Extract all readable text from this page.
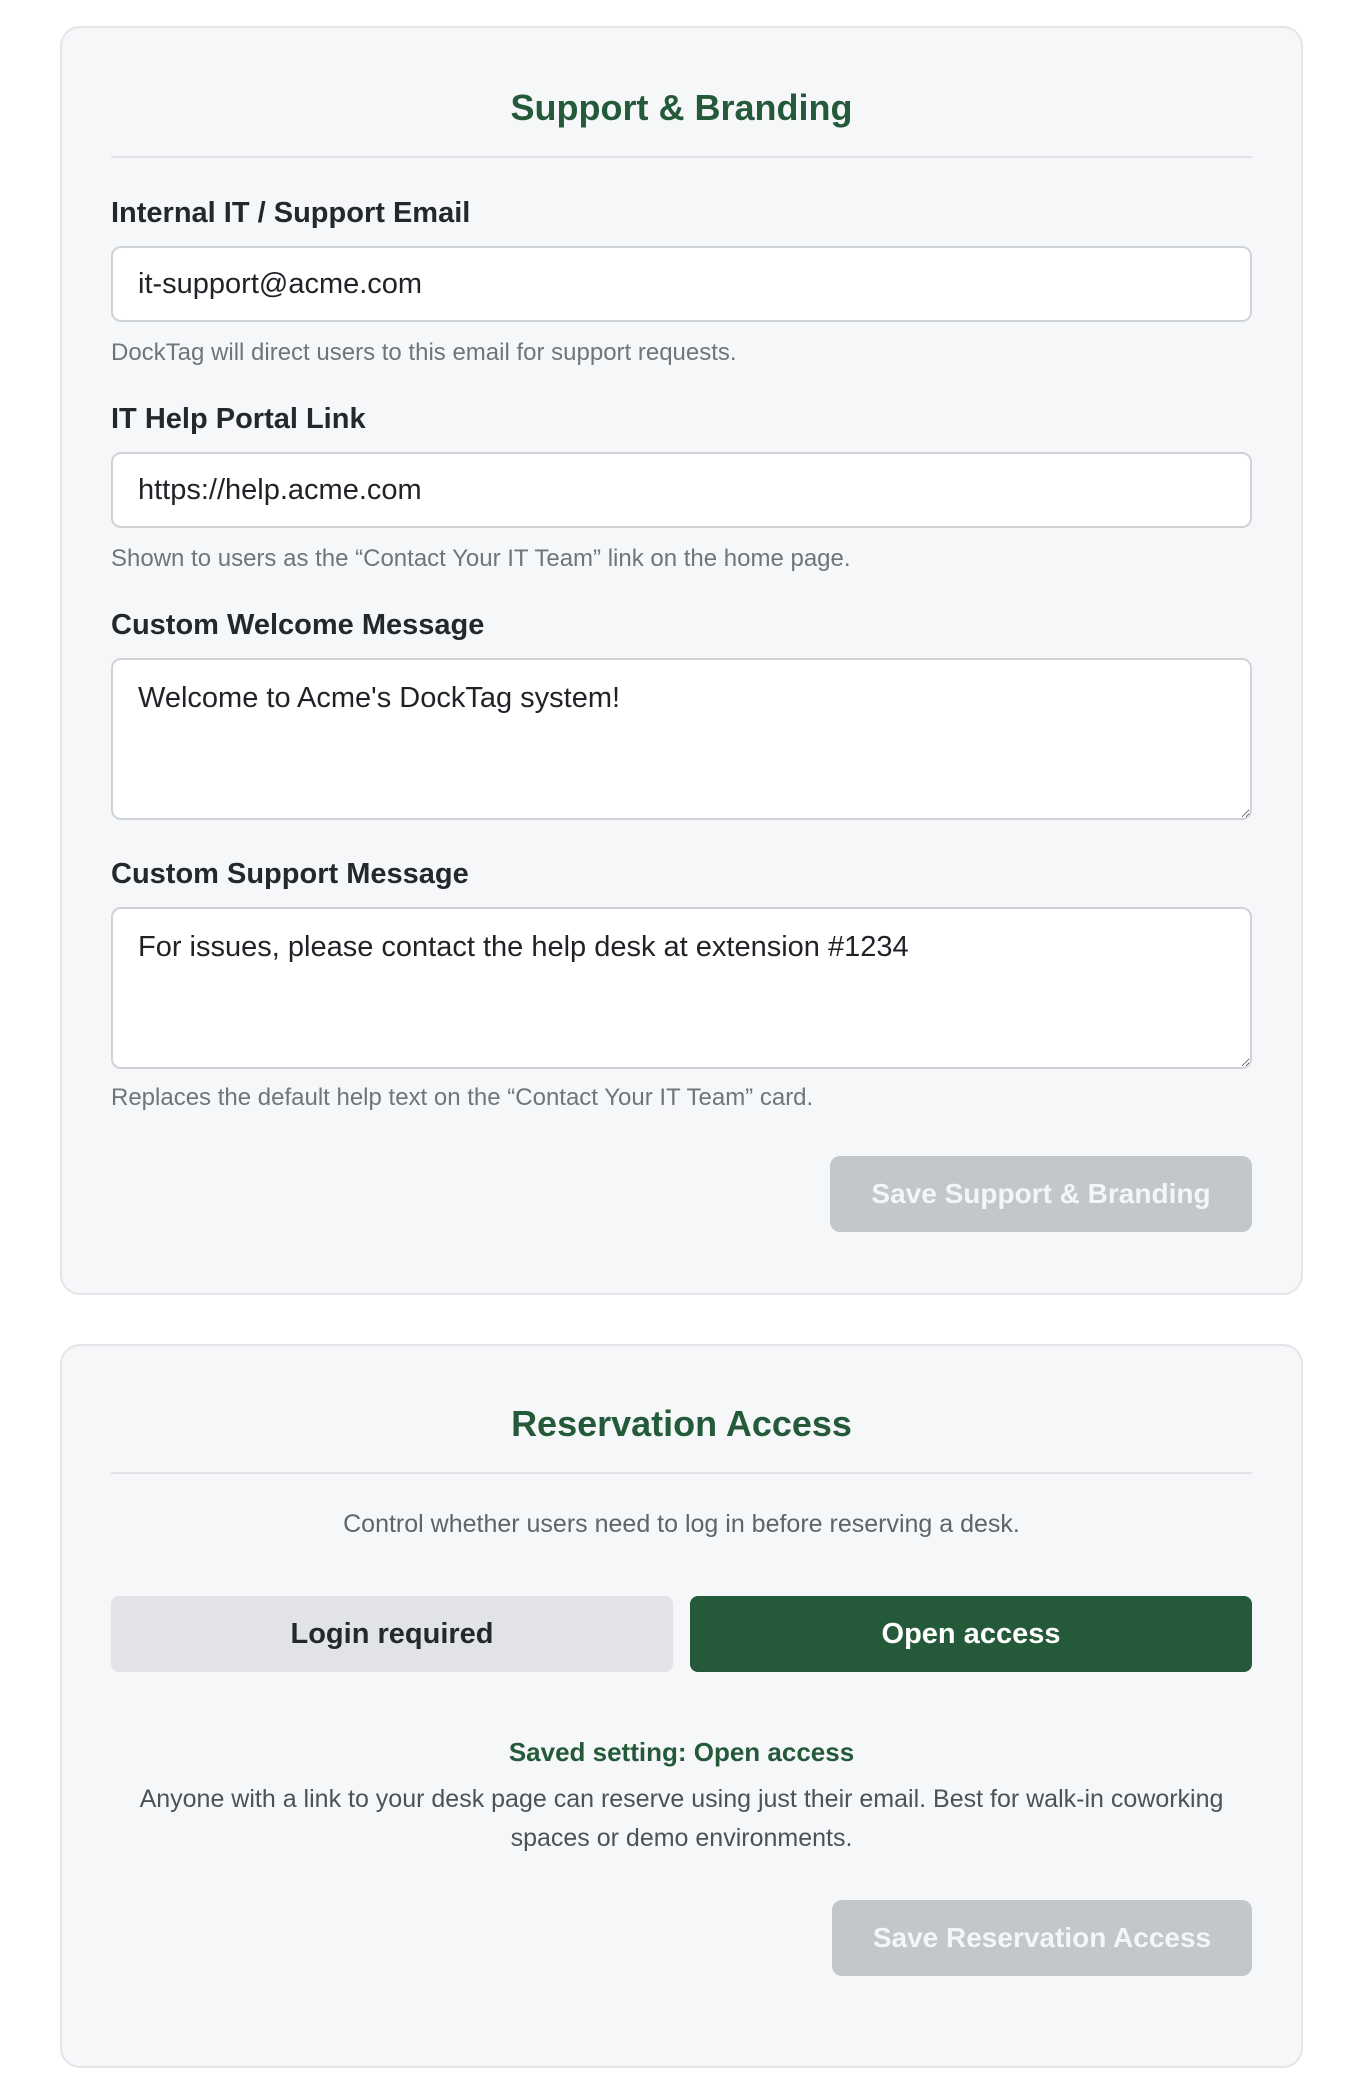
Support & Branding
Internal IT / Support Email
it-support@acme.com
DockTag will direct users to this email for support requests.
IT Help Portal Link
https://help.acme.com
Shown to users as the “Contact Your IT Team” link on the home page.
Custom Welcome Message
Welcome to Acme's DockTag system!
Custom Support Message
For issues, please contact the help desk at extension #1234
Replaces the default help text on the “Contact Your IT Team” card.
Save Support & Branding
Reservation Access
Control whether users need to log in before reserving a desk.
Login required	Open access
Saved setting: Open access
Anyone with a link to your desk page can reserve using just their email. Best for walk-in coworking spaces or demo environments.
Save Reservation Access
